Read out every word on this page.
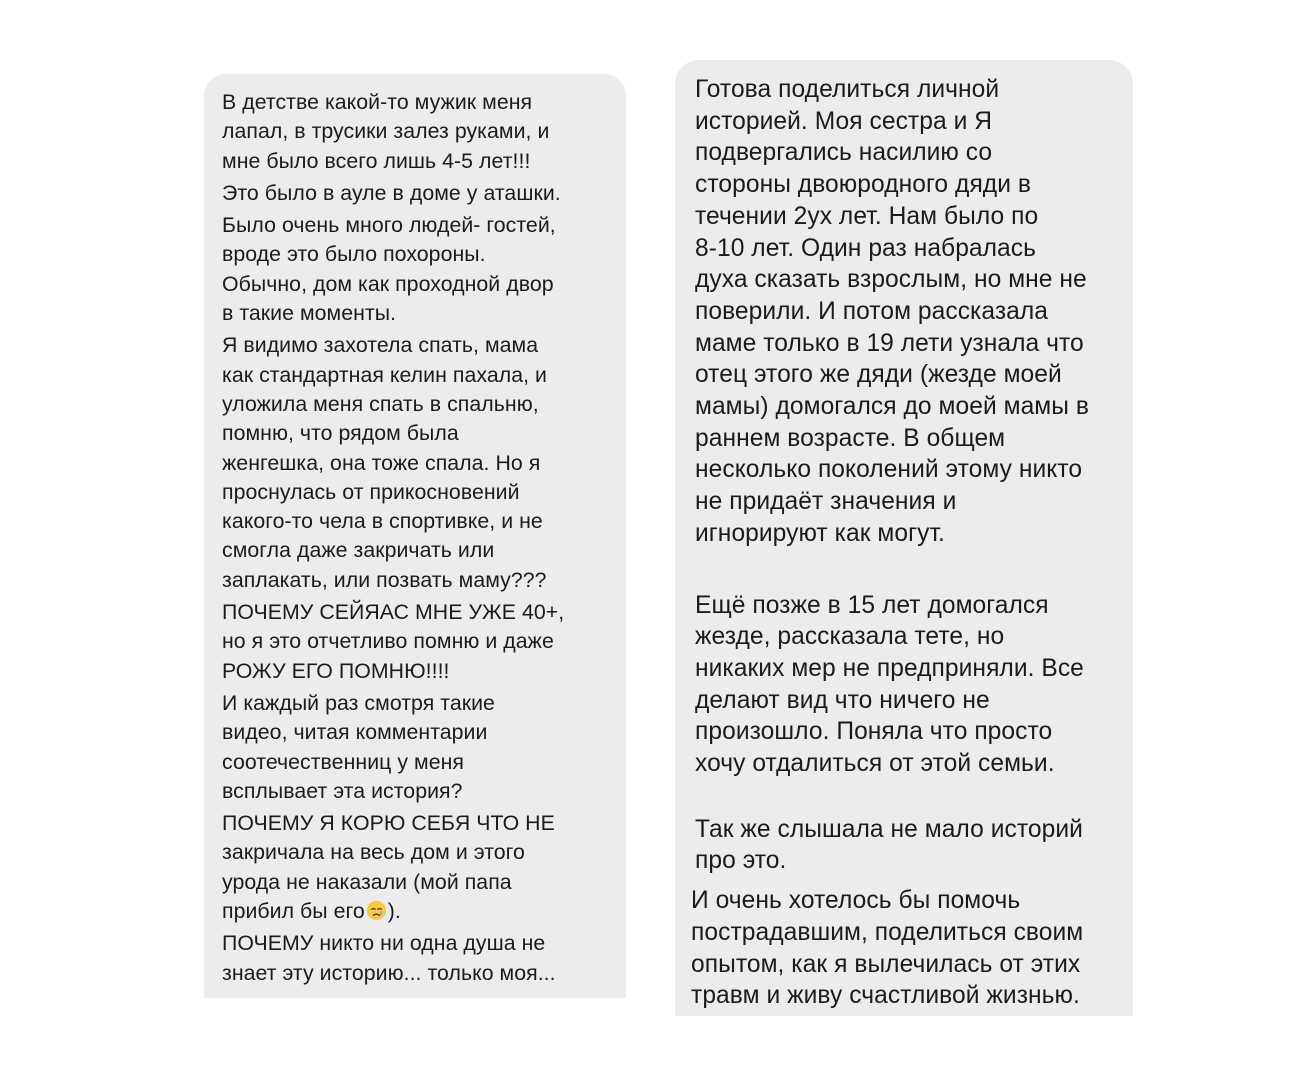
В детстве какой-то мужик меня
лапал, в трусики залез руками, и
мне было всего лишь 4-5 лет!!!
Это было в ауле в доме у аташки.
Было очень много людей- гостей,
вроде это было похороны.
Обычно, дом как проходной двор
в такие моменты.
Я видимо захотела спать, мама
как стандартная келин пахала, и
уложила меня спать в спальню,
помню, что рядом была
женгешка, она тоже спала. Но я
проснулась от прикосновений
какого-то чела в спортивке, и не
смогла даже закричать или
заплакать, или позвать маму???
ПОЧЕМУ СЕЙЯАС МНЕ УЖЕ 40+,
но я это отчетливо помню и даже
РОЖУ ЕГО ПОМНЮ!!!!
И каждый раз смотря такие
видео, читая комментарии
соотечественниц у меня
всплывает эта история?
ПОЧЕМУ Я КОРЮ СЕБЯ ЧТО НЕ
закричала на весь дом и этого
урода не наказали (мой папа
прибил бы его ).
ПОЧЕМУ никто ни одна душа не
знает эту историю... только моя...
Готова поделиться личной
историей. Моя сестра и Я
подвергались насилию со
стороны двоюродного дяди в
течении 2ух лет. Нам было по
8-10 лет. Один раз набралась
духа сказать взрослым, но мне не
поверили. И потом рассказала
маме только в 19 лети узнала что
отец этого же дяди (жезде моей
мамы) домогался до моей мамы в
раннем возрасте. В общем
несколько поколений этому никто
не придаёт значения и
игнорируют как могут.
Ещё позже в 15 лет домогался
жезде, рассказала тете, но
никаких мер не предприняли. Все
делают вид что ничего не
произошло. Поняла что просто
хочу отдалиться от этой семьи.
Так же слышала не мало историй
про это.
И очень хотелось бы помочь
пострадавшим, поделиться своим
опытом, как я вылечилась от этих
травм и живу счастливой жизнью.
